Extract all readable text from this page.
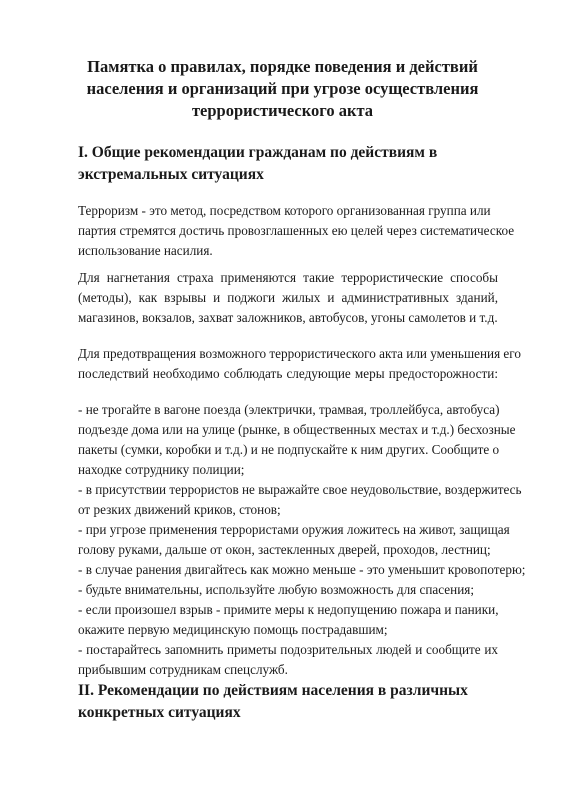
Памятка о правилах, порядке поведения и действий
населения и организаций при угрозе осуществления
террористического акта
I. Общие рекомендации гражданам по действиям в
экстремальных ситуациях
Терроризм - это метод, посредством которого организованная группа или
партия стремятся достичь провозглашенных ею целей через систематическое
использование насилия.
Для нагнетания страха применяются такие террористические способы
(методы), как взрывы и поджоги жилых и административных зданий,
магазинов, вокзалов, захват заложников, автобусов, угоны самолетов и т.д.
Для предотвращения возможного террористического акта или уменьшения его
последствий необходимо соблюдать следующие меры предосторожности:
- не трогайте в вагоне поезда (электрички, трамвая, троллейбуса, автобуса)
подъезде дома или на улице (рынке, в общественных местах и т.д.) бесхозные
пакеты (сумки, коробки и т.д.) и не подпускайте к ним других. Сообщите о
находке сотруднику полиции;
- в присутствии террористов не выражайте свое неудовольствие, воздержитесь
от резких движений криков, стонов;
- при угрозе применения террористами оружия ложитесь на живот, защищая
голову руками, дальше от окон, застекленных дверей, проходов, лестниц;
- в случае ранения двигайтесь как можно меньше - это уменьшит кровопотерю;
- будьте внимательны, используйте любую возможность для спасения;
- если произошел взрыв - примите меры к недопущению пожара и паники,
окажите первую медицинскую помощь пострадавшим;
- постарайтесь запомнить приметы подозрительных людей и сообщите их
прибывшим сотрудникам спецслужб.
II. Рекомендации по действиям населения в различных
конкретных ситуациях
